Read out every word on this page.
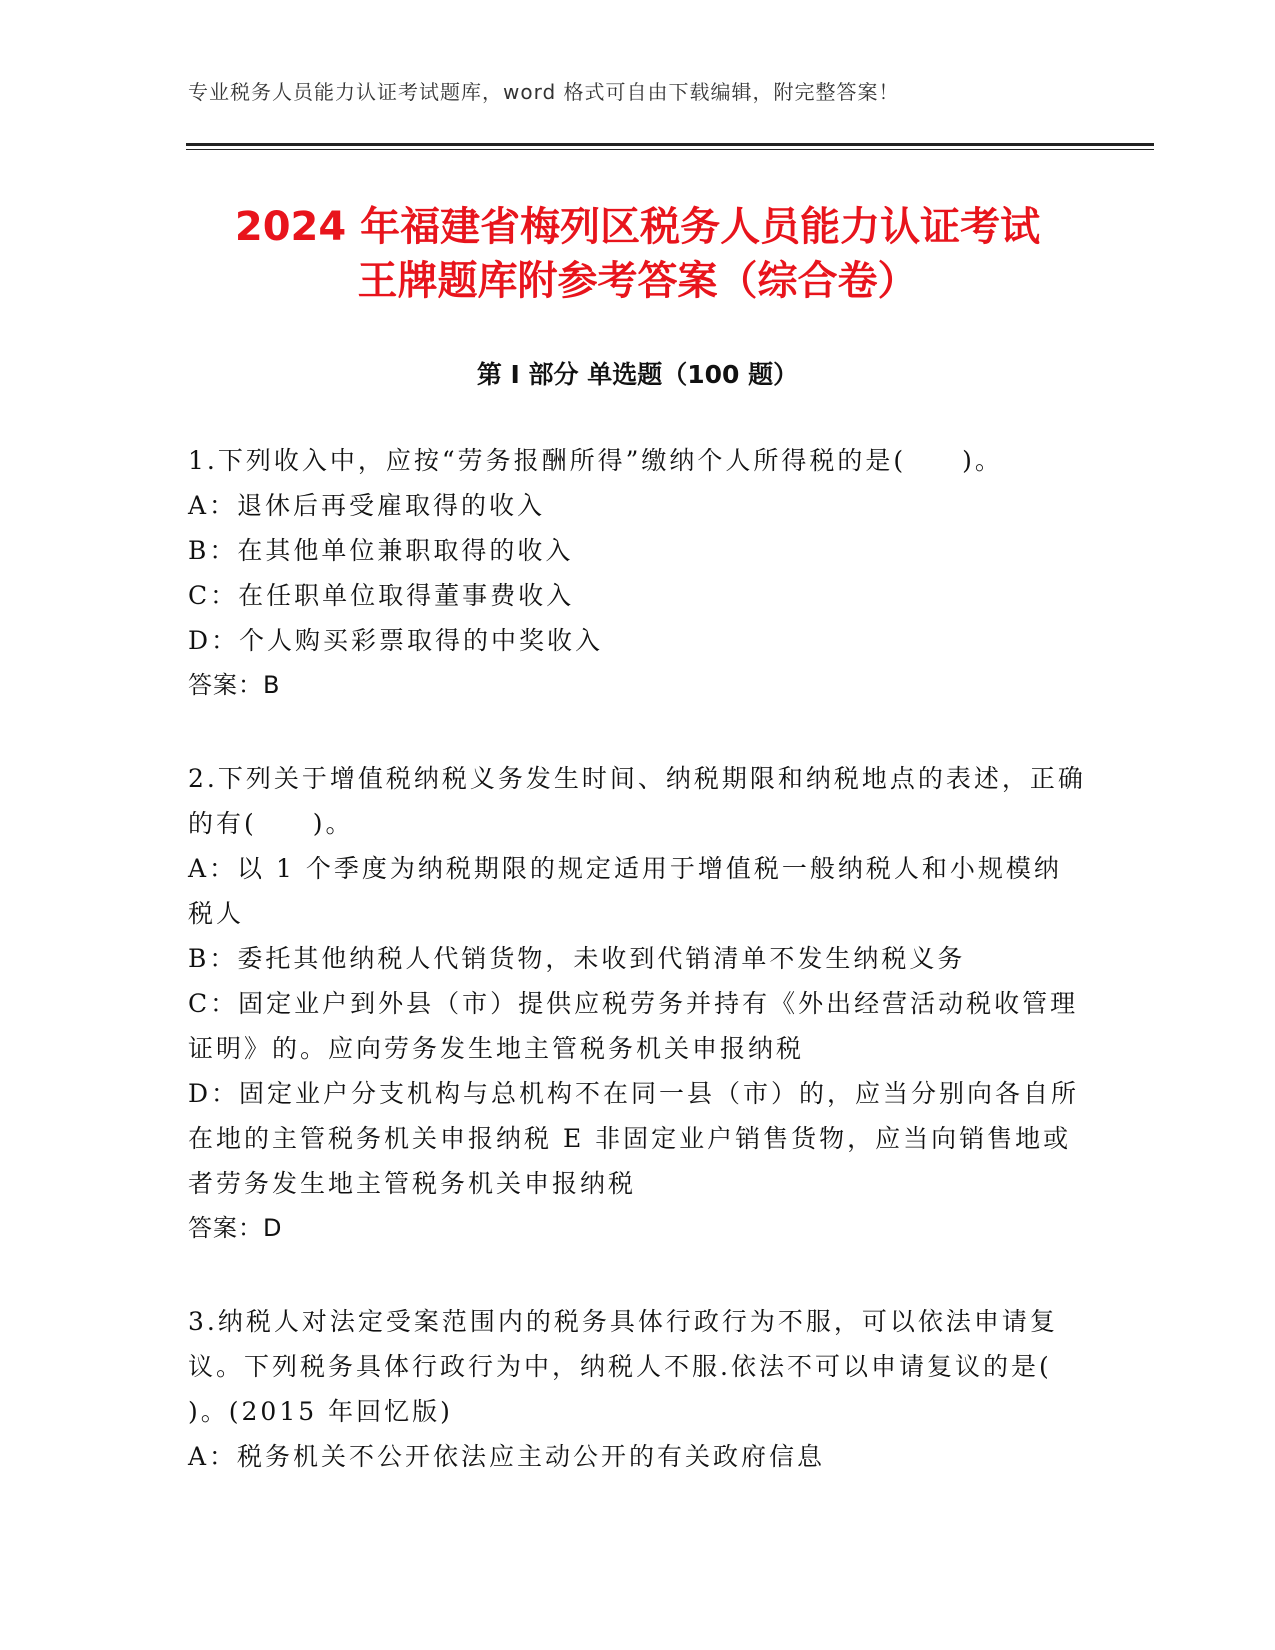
专业税务人员能力认证考试题库，word 格式可自由下载编辑，附完整答案！
2024 年福建省梅列区税务人员能力认证考试
王牌题库附参考答案（综合卷）
第 I 部分 单选题（100 题）
1.下列收入中，应按“劳务报酬所得”缴纳个人所得税的是(　　)。
A：退休后再受雇取得的收入
B：在其他单位兼职取得的收入
C：在任职单位取得董事费收入
D：个人购买彩票取得的中奖收入
答案：B
2.下列关于增值税纳税义务发生时间、纳税期限和纳税地点的表述，正确的有(　　)。
A：以 1 个季度为纳税期限的规定适用于增值税一般纳税人和小规模纳税人
B：委托其他纳税人代销货物，未收到代销清单不发生纳税义务
C：固定业户到外县（市）提供应税劳务并持有《外出经营活动税收管理证明》的。应向劳务发生地主管税务机关申报纳税
D：固定业户分支机构与总机构不在同一县（市）的，应当分别向各自所在地的主管税务机关申报纳税 E 非固定业户销售货物，应当向销售地或者劳务发生地主管税务机关申报纳税
答案：D
3.纳税人对法定受案范围内的税务具体行政行为不服，可以依法申请复议。下列税务具体行政行为中，纳税人不服.依法不可以申请复议的是( )。(2015 年回忆版)
A：税务机关不公开依法应主动公开的有关政府信息
